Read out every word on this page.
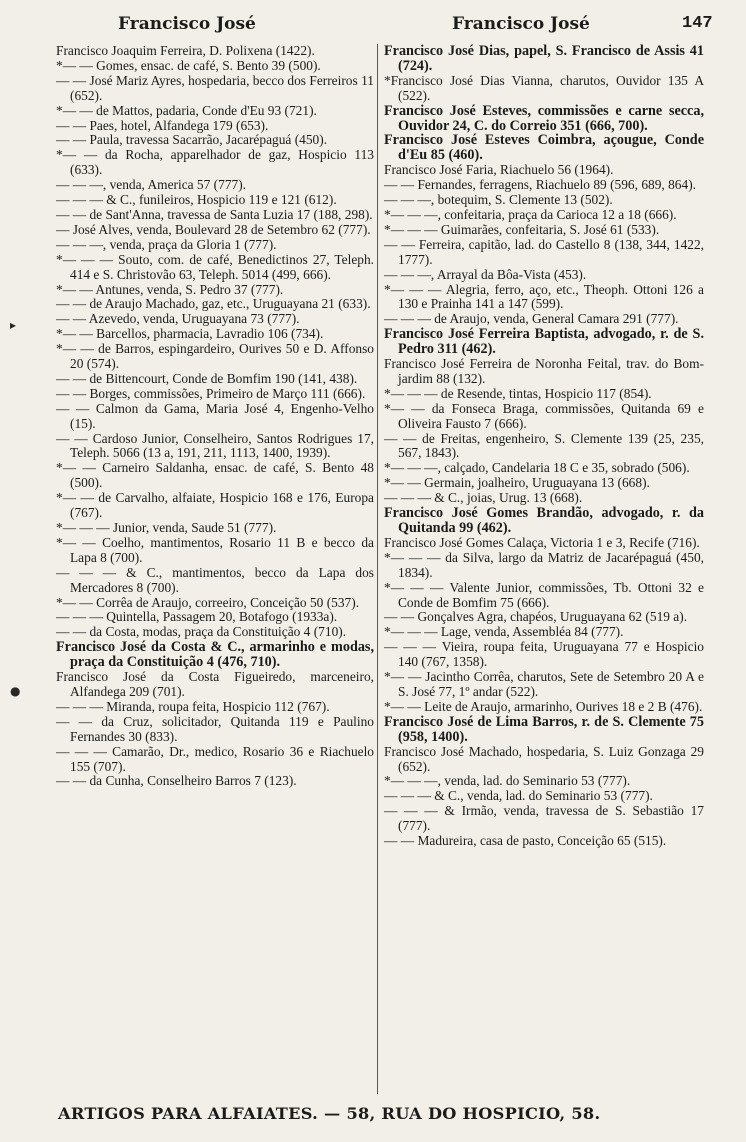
Francisco José	Francisco José	147
▸
●

Francisco Joaquim Ferreira, D. Polixena (1422).

*— — Gomes, ensac. de café, S. Bento 39 (500).

— — José Mariz Ayres, hospedaria, becco dos Ferreiros 11 (652).

*— — de Mattos, padaria, Conde d'Eu 93 (721).

— — Paes, hotel, Alfandega 179 (653).

— — Paula, travessa Sacarrão, Jacarépaguá (450).

*— — da Rocha, apparelhador de gaz, Hospicio 113 (633).

— — —, venda, America 57 (777).

— — — & C., funileiros, Hospicio 119 e 121 (612).

— — de Sant'Anna, travessa de Santa Luzia 17 (188, 298).

— José Alves, venda, Boulevard 28 de Setembro 62 (777).

— — —, venda, praça da Gloria 1 (777).

*— — — Souto, com. de café, Benedictinos 27, Teleph. 414 e S. Christovão 63, Teleph. 5014 (499, 666).

*— — Antunes, venda, S. Pedro 37 (777).

— — de Araujo Machado, gaz, etc., Uruguayana 21 (633).

— — Azevedo, venda, Uruguayana 73 (777).

*— — Barcellos, pharmacia, Lavradio 106 (734).

*— — de Barros, espingardeiro, Ourives 50 e D. Affonso 20 (574).

— — de Bittencourt, Conde de Bomfim 190 (141, 438).

— — Borges, commissões, Primeiro de Março 111 (666).

— — Calmon da Gama, Maria José 4, Engenho-Velho (15).

— — Cardoso Junior, Conselheiro, Santos Rodrigues 17, Teleph. 5066 (13 a, 191, 211, 1113, 1400, 1939).

*— — Carneiro Saldanha, ensac. de café, S. Bento 48 (500).

*— — de Carvalho, alfaiate, Hospicio 168 e 176, Europa (767).

*— — — Junior, venda, Saude 51 (777).

*— — Coelho, mantimentos, Rosario 11 B e becco da Lapa 8 (700).

— — — & C., mantimentos, becco da Lapa dos Mercadores 8 (700).

*— — Corrêa de Araujo, correeiro, Conceição 50 (537).

— — — Quintella, Passagem 20, Botafogo (1933a).

— — da Costa, modas, praça da Constituição 4 (710).

Francisco José da Costa & C., armarinho e modas, praça da Constituição 4 (476, 710).

Francisco José da Costa Figueiredo, marceneiro, Alfandega 209 (701).

— — — Miranda, roupa feita, Hospicio 112 (767).

— — da Cruz, solicitador, Quitanda 119 e Paulino Fernandes 30 (833).

— — — Camarão, Dr., medico, Rosario 36 e Riachuelo 155 (707).

— — da Cunha, Conselheiro Barros 7 (123).

Francisco José Dias, papel, S. Francisco de Assis 41 (724).

*Francisco José Dias Vianna, charutos, Ouvidor 135 A (522).

Francisco José Esteves, commissões e carne secca, Ouvidor 24, C. do Correio 351 (666, 700).

Francisco José Esteves Coimbra, açougue, Conde d'Eu 85 (460).

Francisco José Faria, Riachuelo 56 (1964).

— — Fernandes, ferragens, Riachuelo 89 (596, 689, 864).

— — —, botequim, S. Clemente 13 (502).

*— — —, confeitaria, praça da Carioca 12 a 18 (666).

*— — — Guimarães, confeitaria, S. José 61 (533).

— — Ferreira, capitão, lad. do Castello 8 (138, 344, 1422, 1777).

— — —, Arrayal da Bôa-Vista (453).

*— — — Alegria, ferro, aço, etc., Theoph. Ottoni 126 a 130 e Prainha 141 a 147 (599).

— — — de Araujo, venda, General Camara 291 (777).

Francisco José Ferreira Baptista, advogado, r. de S. Pedro 311 (462).

Francisco José Ferreira de Noronha Feital, trav. do Bom-jardim 88 (132).

*— — — de Resende, tintas, Hospicio 117 (854).

*— — da Fonseca Braga, commissões, Quitanda 69 e Oliveira Fausto 7 (666).

— — de Freitas, engenheiro, S. Clemente 139 (25, 235, 567, 1843).

*— — —, calçado, Candelaria 18 C e 35, sobrado (506).

*— — Germain, joalheiro, Uruguayana 13 (668).

— — — & C., joias, Urug. 13 (668).

Francisco José Gomes Brandão, advogado, r. da Quitanda 99 (462).

Francisco José Gomes Calaça, Victoria 1 e 3, Recife (716).

*— — — da Silva, largo da Matriz de Jacarépaguá (450, 1834).

*— — — Valente Junior, commissões, Tb. Ottoni 32 e Conde de Bomfim 75 (666).

— — Gonçalves Agra, chapéos, Uruguayana 62 (519 a).

*— — — Lage, venda, Assembléa 84 (777).

— — — Vieira, roupa feita, Uruguayana 77 e Hospicio 140 (767, 1358).

*— — Jacintho Corrêa, charutos, Sete de Setembro 20 A e S. José 77, 1º andar (522).

*— — Leite de Araujo, armarinho, Ourives 18 e 2 B (476).

Francisco José de Lima Barros, r. de S. Clemente 75 (958, 1400).

Francisco José Machado, hospedaria, S. Luiz Gonzaga 29 (652).

*— — —, venda, lad. do Seminario 53 (777).

— — — & C., venda, lad. do Seminario 53 (777).

— — — & Irmão, venda, travessa de S. Sebastião 17 (777).

— — Madureira, casa de pasto, Conceição 65 (515).

ARTIGOS PARA ALFAIATES. — 58, RUA DO HOSPICIO, 58.
